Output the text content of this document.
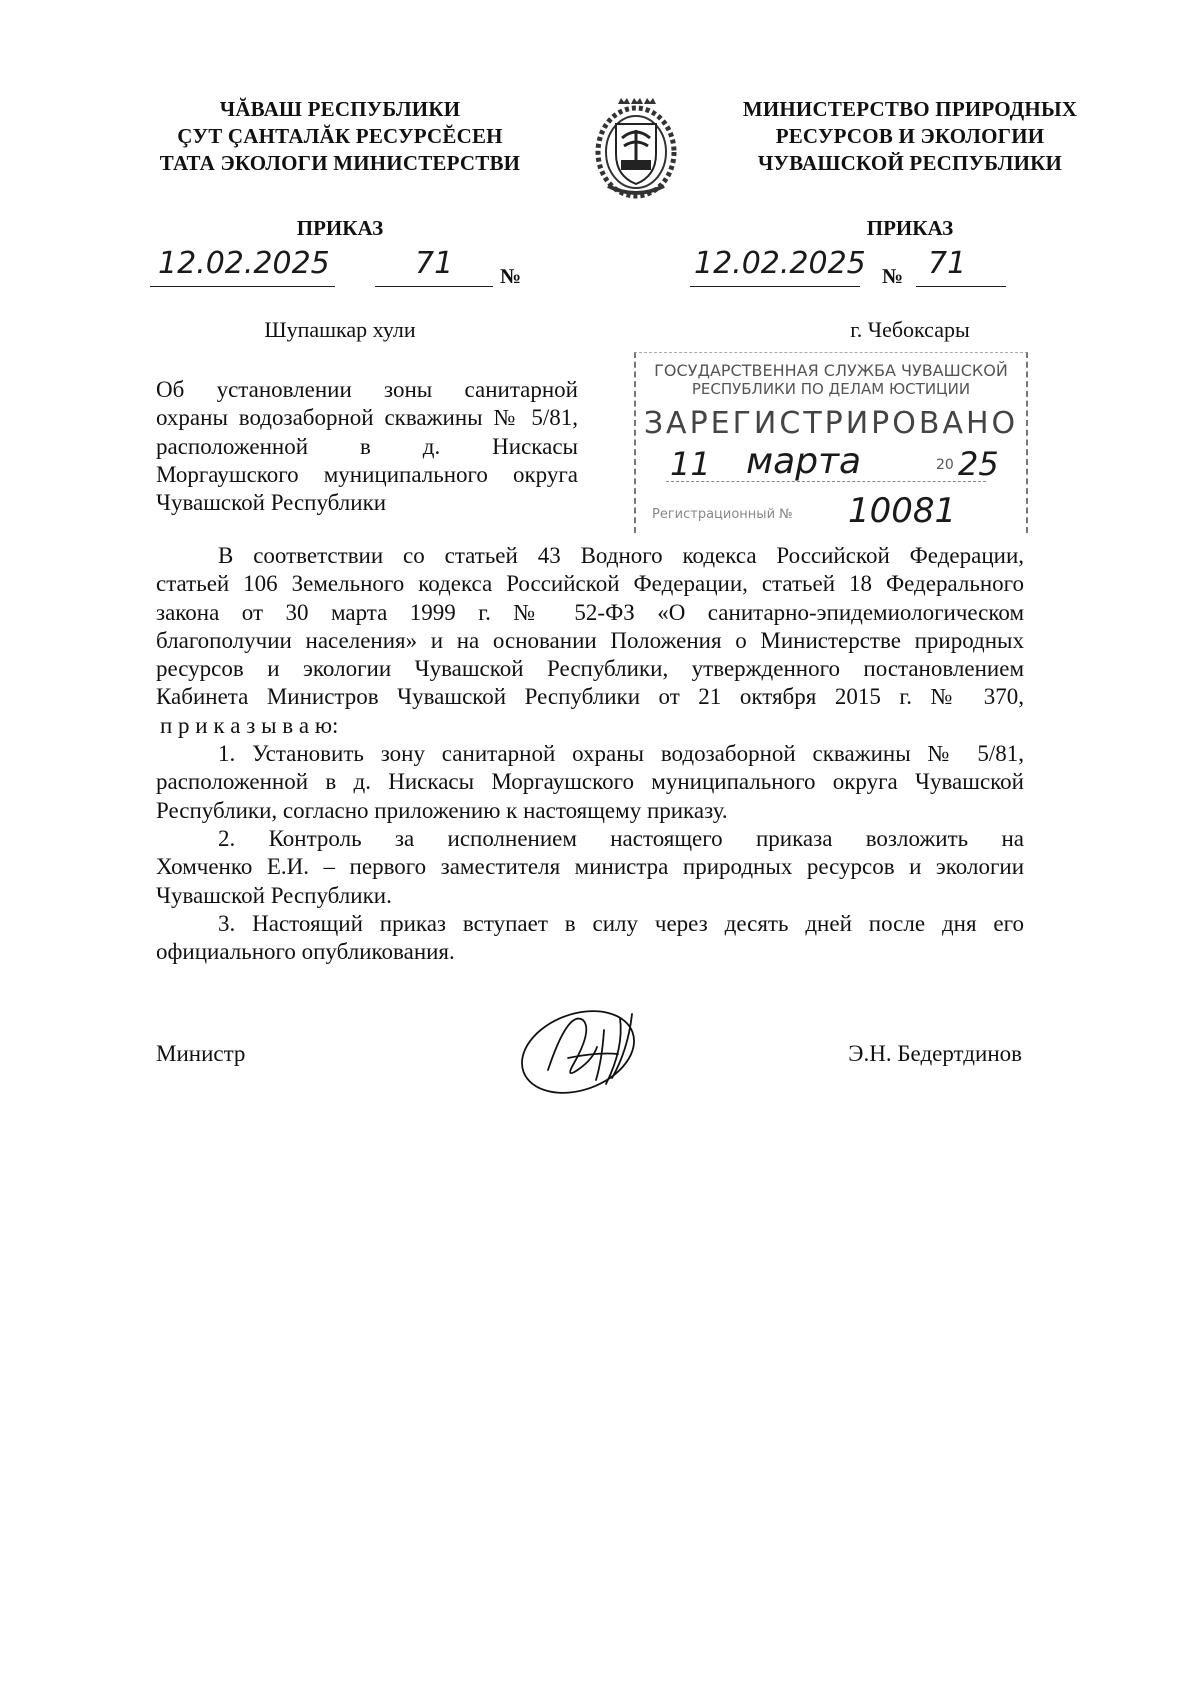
ЧĂВАШ РЕСПУБЛИКИ
ÇУТ ÇАНТАЛĂК РЕСУРСĔСЕН
ТАТА ЭКОЛОГИ МИНИСТЕРСТВИ
МИНИСТЕРСТВО ПРИРОДНЫХ
РЕСУРСОВ И ЭКОЛОГИИ
ЧУВАШСКОЙ РЕСПУБЛИКИ
ПРИКАЗ	ПРИКАЗ
12.02.2025	71 №	12.02.2025 № 71
Шупашкар хули	г. Чебоксары
Об установлении зоны санитарной
охраны водозаборной скважины № 5/81,
расположенной в д. Нискасы
Моргаушского муниципального округа
Чувашской Республики
ГОСУДАРСТВЕННАЯ СЛУЖБА ЧУВАШСКОЙ
РЕСПУБЛИКИ ПО ДЕЛАМ ЮСТИЦИИ
ЗАРЕГИСТРИРОВАНО
11 марта	20 25
Регистрационный № 10081
В соответствии со статьей 43 Водного кодекса Российской Федерации,
статьей 106 Земельного кодекса Российской Федерации, статьей 18 Федерального
закона от 30 марта 1999 г. № 52-ФЗ «О санитарно-эпидемиологическом
благополучии населения» и на основании Положения о Министерстве природных
ресурсов и экологии Чувашской Республики, утвержденного постановлением
Кабинета Министров Чувашской Республики от 21 октября 2015 г. № 370,
п р и к а з ы в а ю:
1. Установить зону санитарной охраны водозаборной скважины № 5/81,
расположенной в д. Нискасы Моргаушского муниципального округа Чувашской
Республики, согласно приложению к настоящему приказу.
2. Контроль за исполнением настоящего приказа возложить на
Хомченко Е.И. – первого заместителя министра природных ресурсов и экологии
Чувашской Республики.
3. Настоящий приказ вступает в силу через десять дней после дня его
официального опубликования.
Министр	Э.Н. Бедертдинов
